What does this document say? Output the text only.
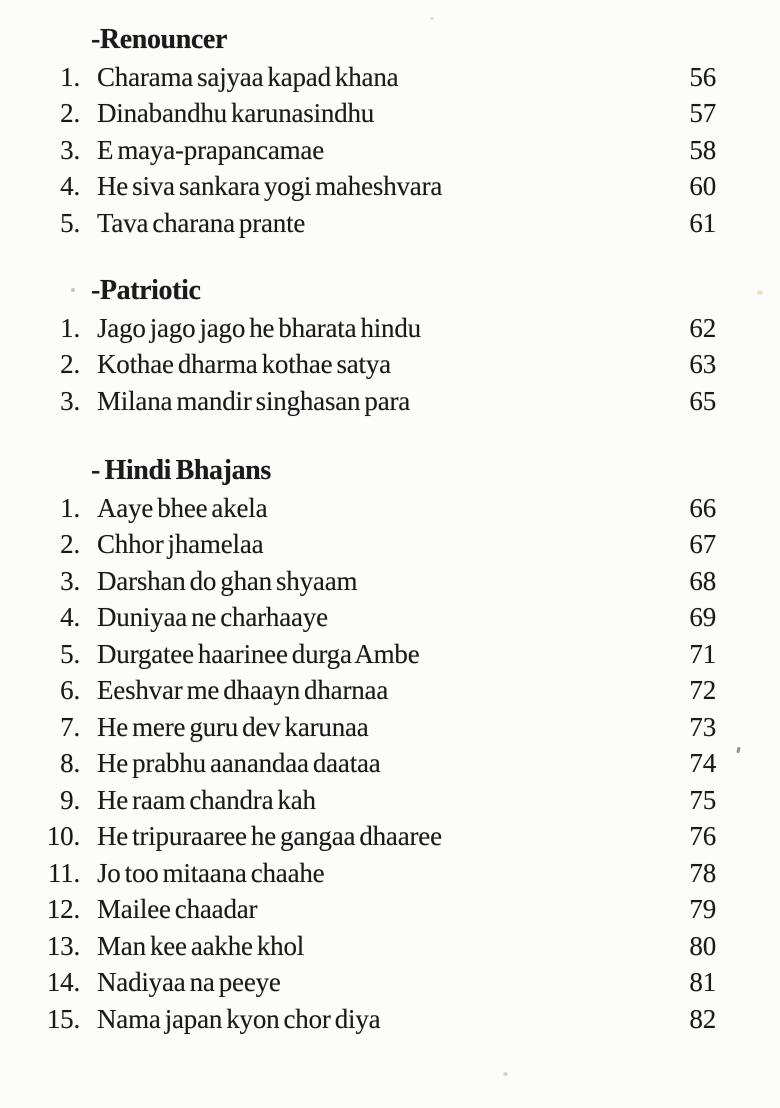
-Renouncer
1. Charama sajyaa kapad khana	56
2. Dinabandhu karunasindhu	57
3. E maya-prapancamae	58
4. He siva sankara yogi maheshvara	60
5. Tava charana prante	61
-Patriotic
1. Jago jago jago he bharata hindu	62
2. Kothae dharma kothae satya	63
3. Milana mandir singhasan para	65
- Hindi Bhajans
1. Aaye bhee akela	66
2. Chhor jhamelaa	67
3. Darshan do ghan shyaam	68
4. Duniyaa ne charhaaye	69
5. Durgatee haarinee durga Ambe	71
6. Eeshvar me dhaayn dharnaa	72
7. He mere guru dev karunaa	73
8. He prabhu aanandaa daataa	74
9. He raam chandra kah	75
10. He tripuraaree he gangaa dhaaree	76
11. Jo too mitaana chaahe	78
12. Mailee chaadar	79
13. Man kee aakhe khol	80
14. Nadiyaa na peeye	81
15. Nama japan kyon chor diya	82
